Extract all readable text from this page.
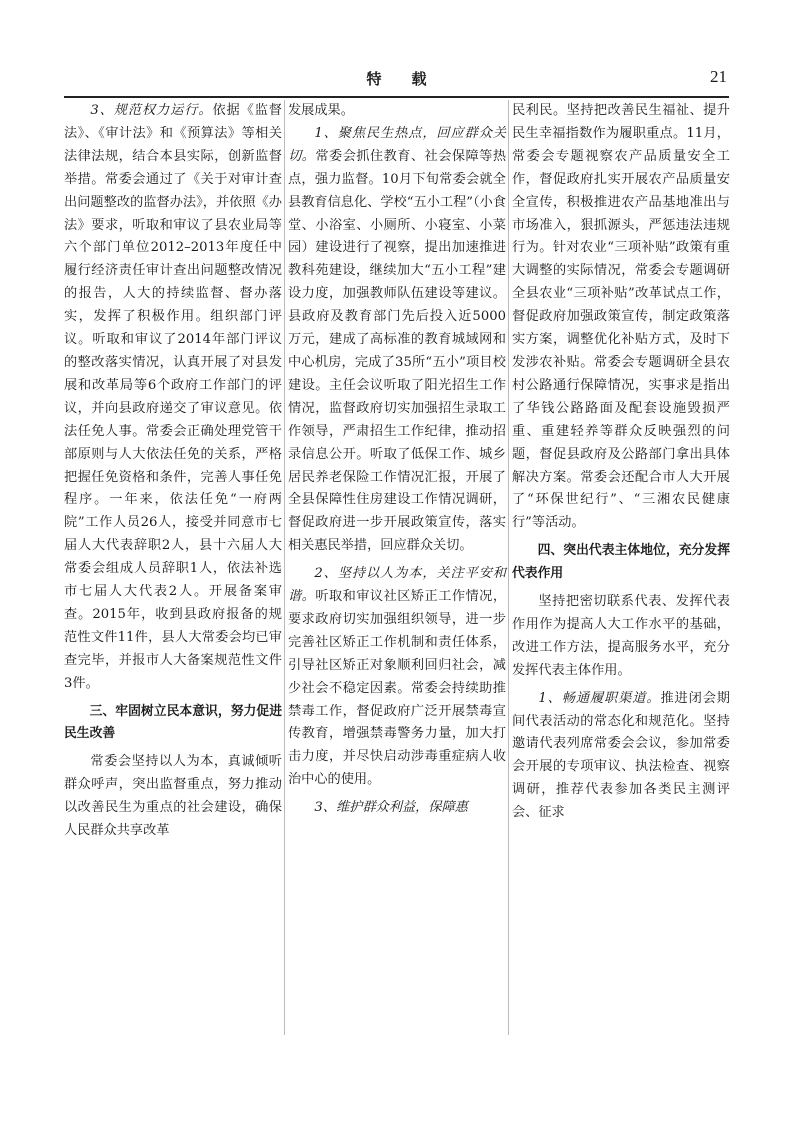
特　　载	21

3、规范权力运行。依据《监督法》、《审计法》和《预算法》等相关法律法规，结合本县实际，创新监督举措。常委会通过了《关于对审计查出问题整改的监督办法》，并依照《办法》要求，听取和审议了县农业局等六个部门单位2012–2013年度任中履行经济责任审计查出问题整改情况的报告，人大的持续监督、督办落实，发挥了积极作用。组织部门评议。听取和审议了2014年部门评议的整改落实情况，认真开展了对县发展和改革局等6个政府工作部门的评议，并向县政府递交了审议意见。依法任免人事。常委会正确处理党管干部原则与人大依法任免的关系，严格把握任免资格和条件，完善人事任免程序。一年来，依法任免“一府两院”工作人员26人，接受并同意市七届人大代表辞职2人，县十六届人大常委会组成人员辞职1人，依法补选市七届人大代表2人。开展备案审查。2015年，收到县政府报备的规范性文件11件，县人大常委会均已审查完毕，并报市人大备案规范性文件3件。

三、牢固树立民本意识，努力促进民生改善

常委会坚持以人为本，真诚倾听群众呼声，突出监督重点，努力推动以改善民生为重点的社会建设，确保人民群众共享改革

发展成果。

1、聚焦民生热点，回应群众关切。常委会抓住教育、社会保障等热点，强力监督。10月下旬常委会就全县教育信息化、学校“五小工程”（小食堂、小浴室、小厕所、小寝室、小菜园）建设进行了视察，提出加速推进教科苑建设，继续加大“五小工程”建设力度，加强教师队伍建设等建议。县政府及教育部门先后投入近5000万元，建成了高标准的教育城域网和中心机房，完成了35所“五小”项目校建设。主任会议听取了阳光招生工作情况，监督政府切实加强招生录取工作领导，严肃招生工作纪律，推动招录信息公开。听取了低保工作、城乡居民养老保险工作情况汇报，开展了全县保障性住房建设工作情况调研，督促政府进一步开展政策宣传，落实相关惠民举措，回应群众关切。

2、坚持以人为本，关注平安和谐。听取和审议社区矫正工作情况，要求政府切实加强组织领导，进一步完善社区矫正工作机制和责任体系，引导社区矫正对象顺利回归社会，减少社会不稳定因素。常委会持续助推禁毒工作，督促政府广泛开展禁毒宣传教育，增强禁毒警务力量，加大打击力度，并尽快启动涉毒重症病人收治中心的使用。

3、维护群众利益，保障惠

民利民。坚持把改善民生福祉、提升民生幸福指数作为履职重点。11月，常委会专题视察农产品质量安全工作，督促政府扎实开展农产品质量安全宣传，积极推进农产品基地准出与市场准入，狠抓源头，严惩违法违规行为。针对农业“三项补贴”政策有重大调整的实际情况，常委会专题调研全县农业“三项补贴”改革试点工作，督促政府加强政策宣传，制定政策落实方案，调整优化补贴方式，及时下发涉农补贴。常委会专题调研全县农村公路通行保障情况，实事求是指出了华钱公路路面及配套设施毁损严重、重建轻养等群众反映强烈的问题，督促县政府及公路部门拿出具体解决方案。常委会还配合市人大开展了“环保世纪行”、“三湘农民健康行”等活动。

四、突出代表主体地位，充分发挥代表作用

坚持把密切联系代表、发挥代表作用作为提高人大工作水平的基础，改进工作方法，提高服务水平，充分发挥代表主体作用。

1、畅通履职渠道。推进闭会期间代表活动的常态化和规范化。坚持邀请代表列席常委会会议，参加常委会开展的专项审议、执法检查、视察调研，推荐代表参加各类民主测评会、征求
